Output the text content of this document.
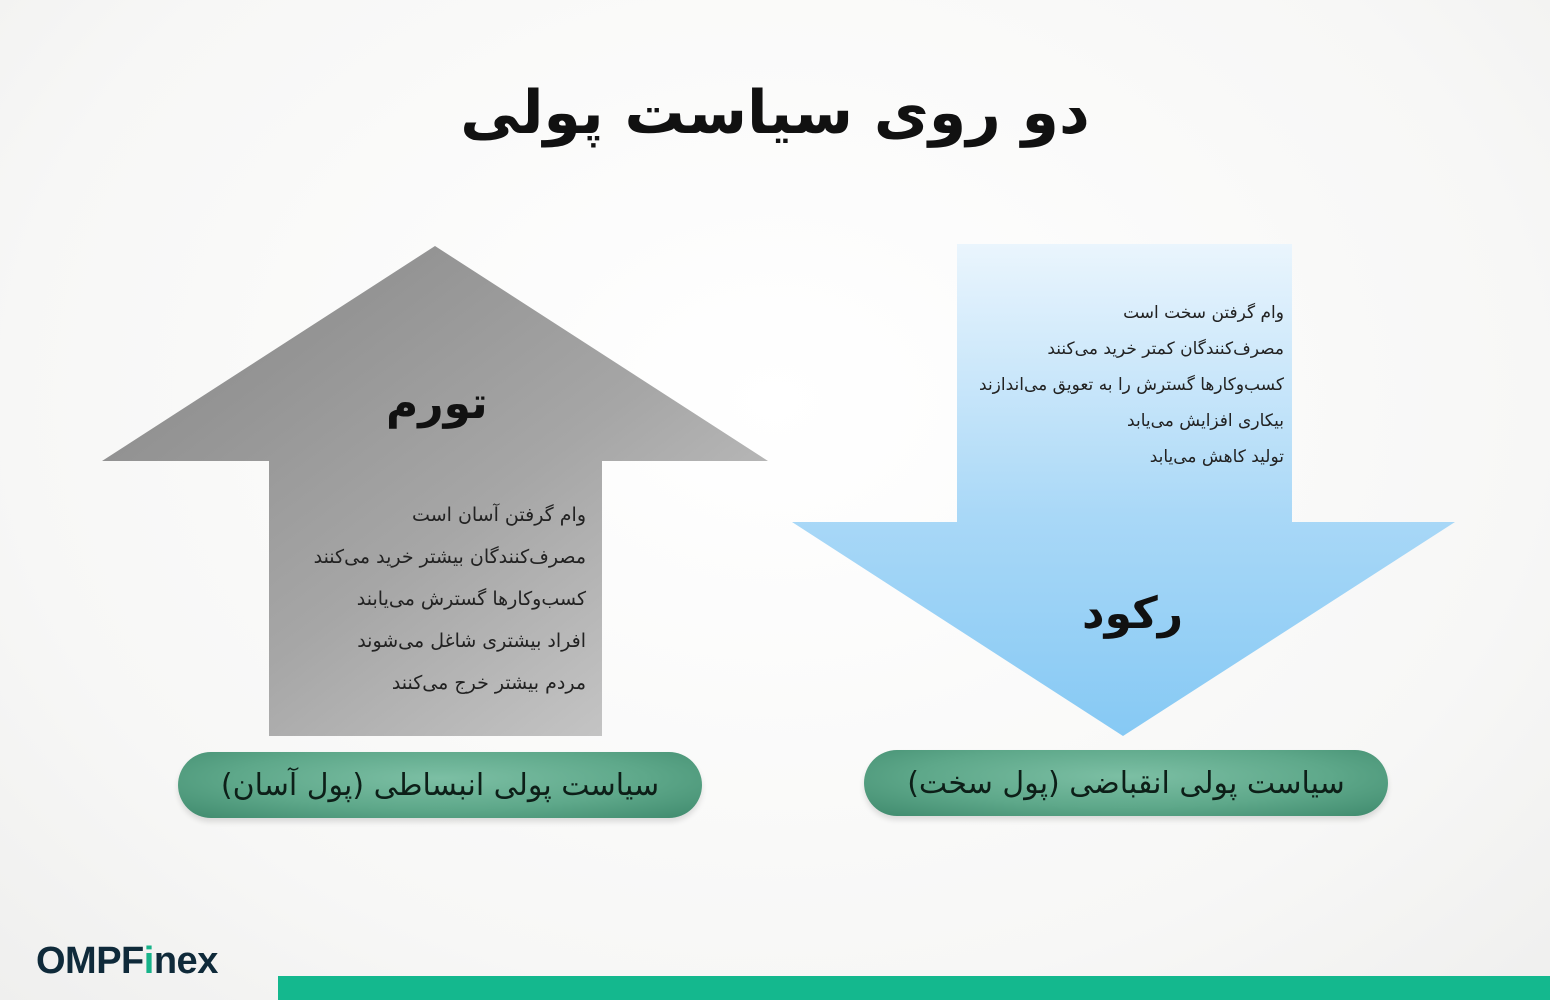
دو روی سیاست پولی
تورم
رکود
وام گرفتن آسان است
مصرف‌کنندگان بیشتر خرید می‌کنند
کسب‌وکارها گسترش می‌یابند
افراد بیشتری شاغل می‌شوند
مردم بیشتر خرج می‌کنند
وام گرفتن سخت است
مصرف‌کنندگان کمتر خرید می‌کنند
کسب‌وکارها گسترش را به تعویق می‌اندازند
بیکاری افزایش می‌یابد
تولید کاهش می‌یابد
سیاست پولی انبساطی (پول آسان)	سیاست پولی انقباضی (پول سخت)
OMPFinex
